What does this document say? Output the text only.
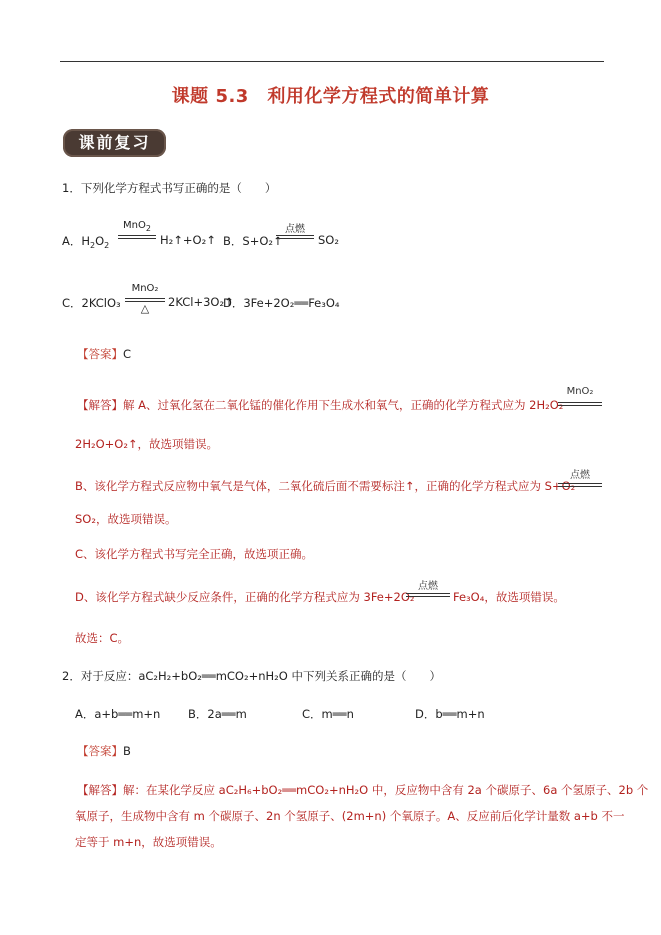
课题 5.3　利用化学方程式的简单计算
课前复习
1．下列化学方程式书写正确的是（　　）
A．$H_2O_2$
MnO$_2$
H₂↑+O₂↑ B．S+O₂↑
点燃
SO₂
C．2KClO₃
MnO₂
△	2KCl+3O₂↑
D．3Fe+2O₂══Fe₃O₄
【答案】C
【解答】解 A、过氧化氢在二氧化锰的催化作用下生成水和氧气，正确的化学方程式应为 2H₂O₂
MnO₂
2H₂O+O₂↑，故选项错误。
B、该化学方程式反应物中氧气是气体，二氧化硫后面不需要标注↑，正确的化学方程式应为 S+O₂
点燃
SO₂，故选项错误。
C、该化学方程式书写完全正确，故选项正确。
D、该化学方程式缺少反应条件，正确的化学方程式应为 3Fe+2O₂
点燃
Fe₃O₄，故选项错误。
故选：C。
2．对于反应：aC₂H₂+bO₂══mCO₂+nH₂O 中下列关系正确的是（　　）
A．a+b══m+n B．2a══m	C．m══n	D．b══m+n
【答案】B
【解答】解：在某化学反应 aC₂H₆+bO₂══mCO₂+nH₂O 中，反应物中含有 2a 个碳原子、6a 个氢原子、2b 个
氧原子，生成物中含有 m 个碳原子、2n 个氢原子、(2m+n) 个氧原子。A、反应前后化学计量数 a+b 不一
定等于 m+n，故选项错误。
